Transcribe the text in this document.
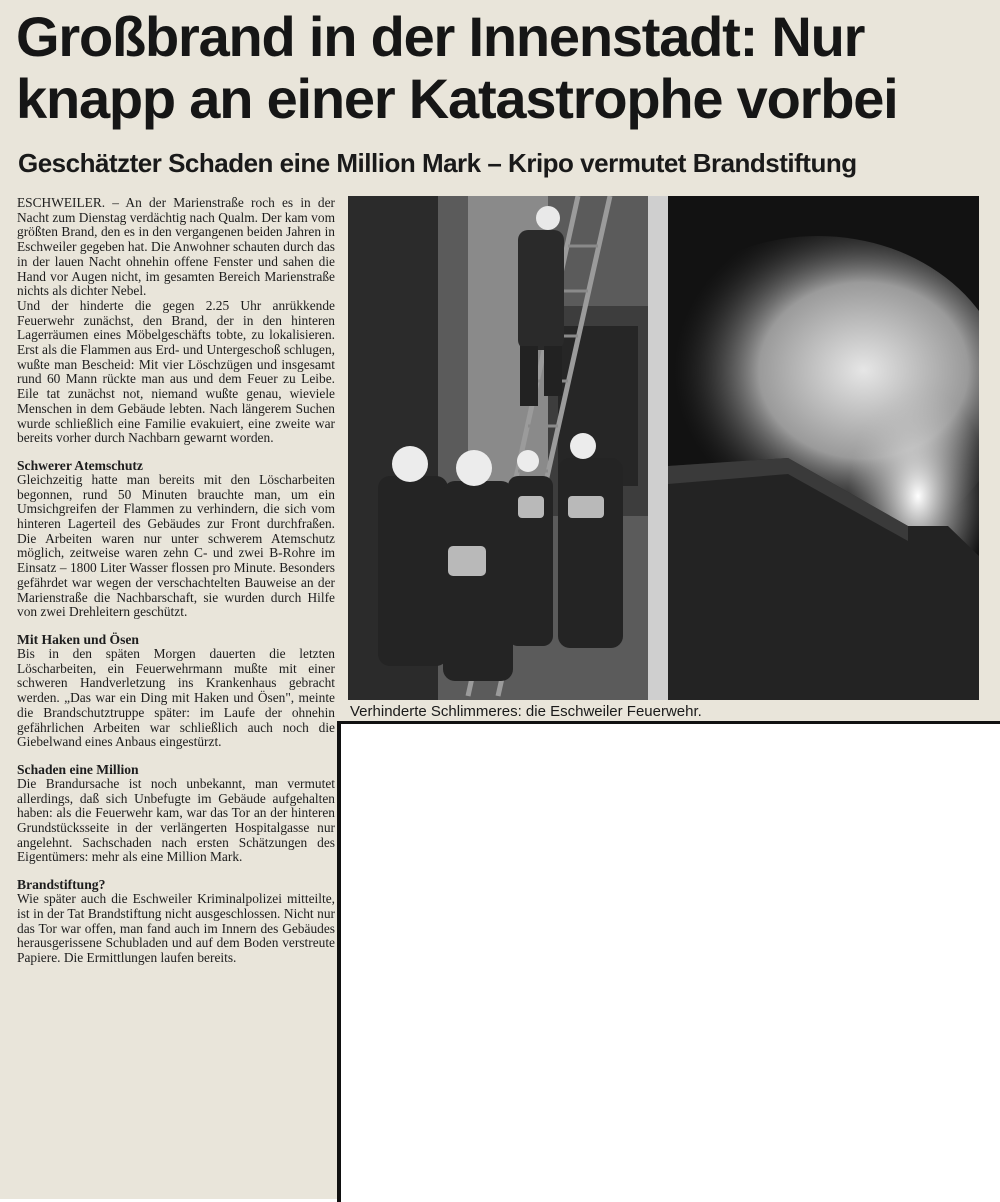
Großbrand in der Innenstadt: Nur
knapp an einer Katastrophe vorbei
Geschätzter Schaden eine Million Mark – Kripo vermutet Brandstiftung

ESCHWEILER. – An der Marienstraße roch es in der Nacht zum Dienstag verdächtig nach Qualm. Der kam vom größten Brand, den es in den vergangenen beiden Jahren in Eschweiler gegeben hat. Die Anwohner schauten durch das in der lauen Nacht ohnehin offene Fenster und sahen die Hand vor Augen nicht, im gesamten Bereich Marienstraße nichts als dichter Nebel.

Und der hinderte die gegen 2.25 Uhr anrükkende Feuerwehr zunächst, den Brand, der in den hinteren Lagerräumen eines Möbelgeschäfts tobte, zu lokalisieren. Erst als die Flammen aus Erd- und Untergeschoß schlugen, wußte man Bescheid: Mit vier Löschzügen und insgesamt rund 60 Mann rückte man aus und dem Feuer zu Leibe. Eile tat zunächst not, niemand wußte genau, wieviele Menschen in dem Gebäude lebten. Nach längerem Suchen wurde schließlich eine Familie evakuiert, eine zweite war bereits vorher durch Nachbarn gewarnt worden.

Schwerer Atemschutz

Gleichzeitig hatte man bereits mit den Löscharbeiten begonnen, rund 50 Minuten brauchte man, um ein Umsichgreifen der Flammen zu verhindern, die sich vom hinteren Lagerteil des Gebäudes zur Front durchfraßen. Die Arbeiten waren nur unter schwerem Atemschutz möglich, zeitweise waren zehn C- und zwei B-Rohre im Einsatz – 1800 Liter Wasser flossen pro Minute. Besonders gefährdet war wegen der verschachtelten Bauweise an der Marienstraße die Nachbarschaft, sie wurden durch Hilfe von zwei Drehleitern geschützt.

Mit Haken und Ösen

Bis in den späten Morgen dauerten die letzten Löscharbeiten, ein Feuerwehrmann mußte mit einer schweren Handverletzung ins Krankenhaus gebracht werden. „Das war ein Ding mit Haken und Ösen", meinte die Brandschutztruppe später: im Laufe der ohnehin gefährlichen Arbeiten war schließlich auch noch die Giebelwand eines Anbaus eingestürzt.

Schaden eine Million

Die Brandursache ist noch unbekannt, man vermutet allerdings, daß sich Unbefugte im Gebäude aufgehalten haben: als die Feuerwehr kam, war das Tor an der hinteren Grundstücksseite in der verlängerten Hospitalgasse nur angelehnt. Sachschaden nach ersten Schätzungen des Eigentümers: mehr als eine Million Mark.

Brandstiftung?

Wie später auch die Eschweiler Kriminalpolizei mitteilte, ist in der Tat Brandstiftung nicht ausgeschlossen. Nicht nur das Tor war offen, man fand auch im Innern des Gebäudes herausgerissene Schubladen und auf dem Boden verstreute Papiere. Die Ermittlungen laufen bereits.

Verhinderte Schlimmeres: die Eschweiler Feuerwehr.
